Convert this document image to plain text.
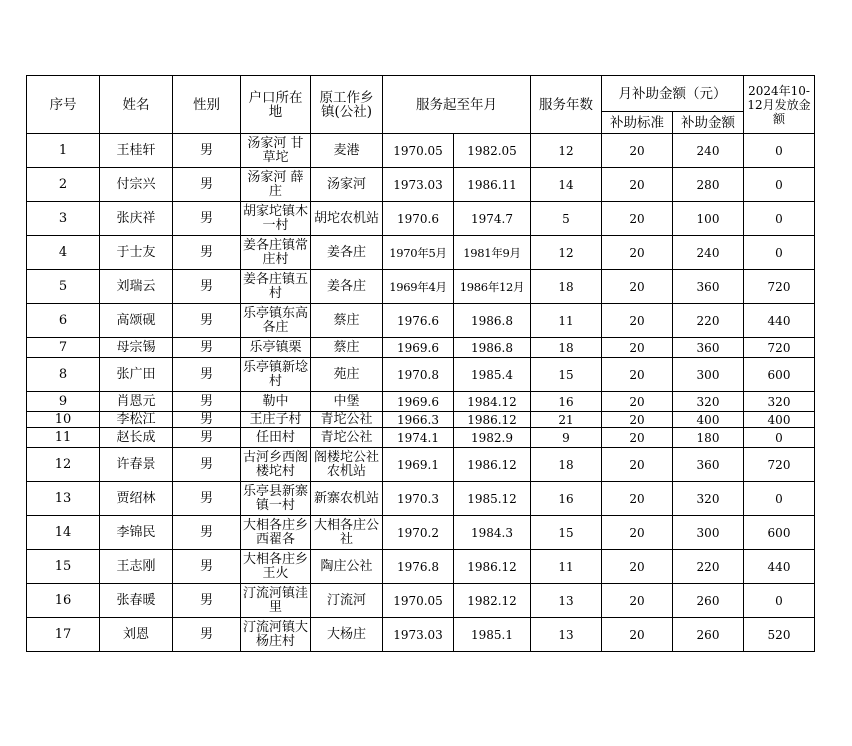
序号	姓名	性别	户口所在地	原工作乡镇(公社)	服务起至年月		服务年数	月补助金额（元）		2024年10-12月发放金额
								补助标准	补助金额	
1	王桂轩	男	汤家河 甘草坨	麦港	1970.05	1982.05	12	20	240	0
2	付宗兴	男	汤家河 薛庄	汤家河	1973.03	1986.11	14	20	280	0
3	张庆祥	男	胡家坨镇木一村	胡坨农机站	1970.6	1974.7	5	20	100	0
4	于士友	男	姜各庄镇常庄村	姜各庄	1970年5月	1981年9月	12	20	240	0
5	刘瑞云	男	姜各庄镇五村	姜各庄	1969年4月	1986年12月	18	20	360	720
6	高颂砚	男	乐亭镇东高各庄	蔡庄	1976.6	1986.8	11	20	220	440
7	母宗锡	男	乐亭镇栗	蔡庄	1969.6	1986.8	18	20	360	720
8	张广田	男	乐亭镇新埝村	苑庄	1970.8	1985.4	15	20	300	600
9	肖恩元	男	勒中	中堡	1969.6	1984.12	16	20	320	320
10	李松江	男	王庄子村	青坨公社	1966.3	1986.12	21	20	400	400
11	赵长成	男	任田村	青坨公社	1974.1	1982.9	9	20	180	0
12	许春景	男	古河乡西阁楼坨村	阁楼坨公社农机站	1969.1	1986.12	18	20	360	720
13	贾绍林	男	乐亭县新寨镇一村	新寨农机站	1970.3	1985.12	16	20	320	0
14	李锦民	男	大相各庄乡西翟各	大相各庄公社	1970.2	1984.3	15	20	300	600
15	王志刚	男	大相各庄乡王火	陶庄公社	1976.8	1986.12	11	20	220	440
16	张春暖	男	汀流河镇洼里	汀流河	1970.05	1982.12	13	20	260	0
17	刘恩	男	汀流河镇大杨庄村	大杨庄	1973.03	1985.1	13	20	260	520
